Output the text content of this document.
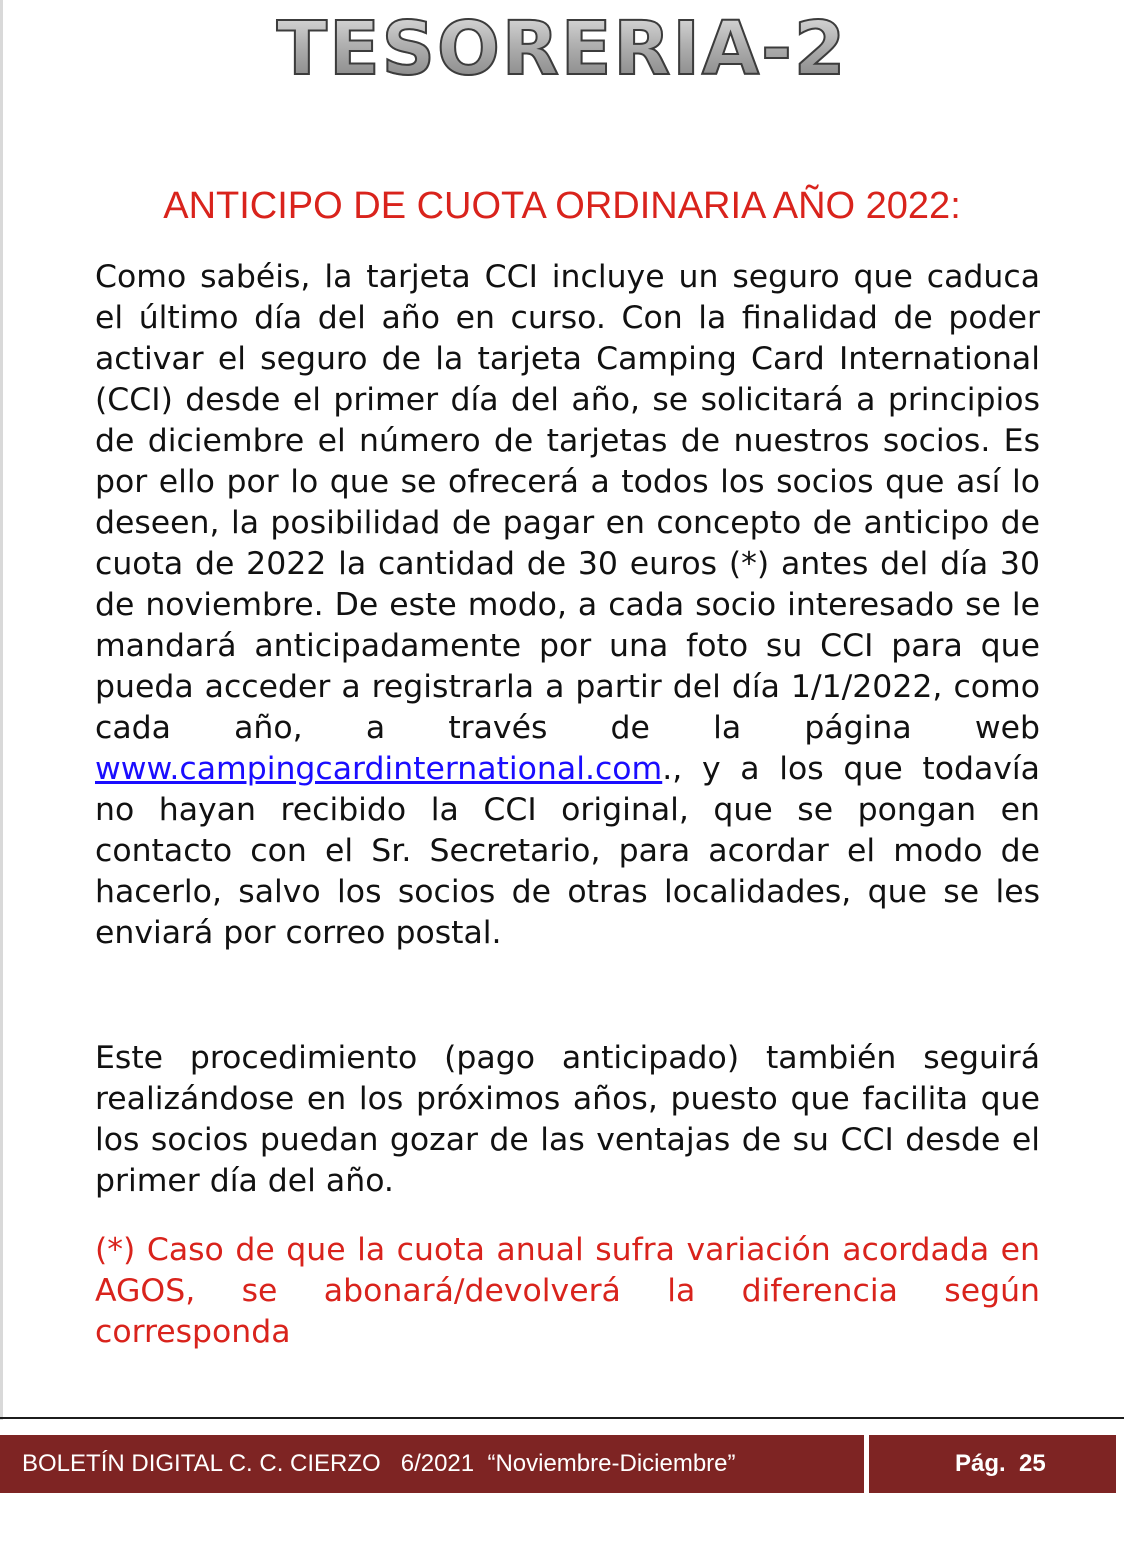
TESORERIA-2
ANTICIPO DE CUOTA ORDINARIA AÑO 2022:

Como sabéis, la tarjeta CCI incluye un seguro que caduca el último día del año en curso. Con la finalidad de poder activar el seguro de la tarjeta Camping Card International (CCI) desde el primer día del año, se solicitará a principios de diciembre el número de tarjetas de nuestros socios. Es por ello por lo que se ofrecerá a todos los socios que así lo deseen, la posibilidad de pagar en concepto de anticipo de cuota de 2022 la cantidad de 30 euros (*) antes del día 30 de noviembre. De este modo, a cada socio interesado se le mandará anticipadamente por una foto su CCI para que pueda acceder a registrarla a partir del día 1/1/2022, como cada año, a través de la página web www.campingcardinternational.com., y a los que todavía no hayan recibido la CCI original, que se pongan en contacto con el Sr. Secretario, para acordar el modo de hacerlo, salvo los socios de otras localidades, que se les enviará por correo postal.

Este procedimiento (pago anticipado) también seguirá realizándose en los próximos años, puesto que facilita que los socios puedan gozar de las ventajas de su CCI desde el primer día del año.

(*) Caso de que la cuota anual sufra variación acordada en AGOS, se abonará/devolverá la diferencia según corresponda

BOLETÍN DIGITAL C. C. CIERZO   6/2021  “Noviembre-Diciembre”	Pág.  25
